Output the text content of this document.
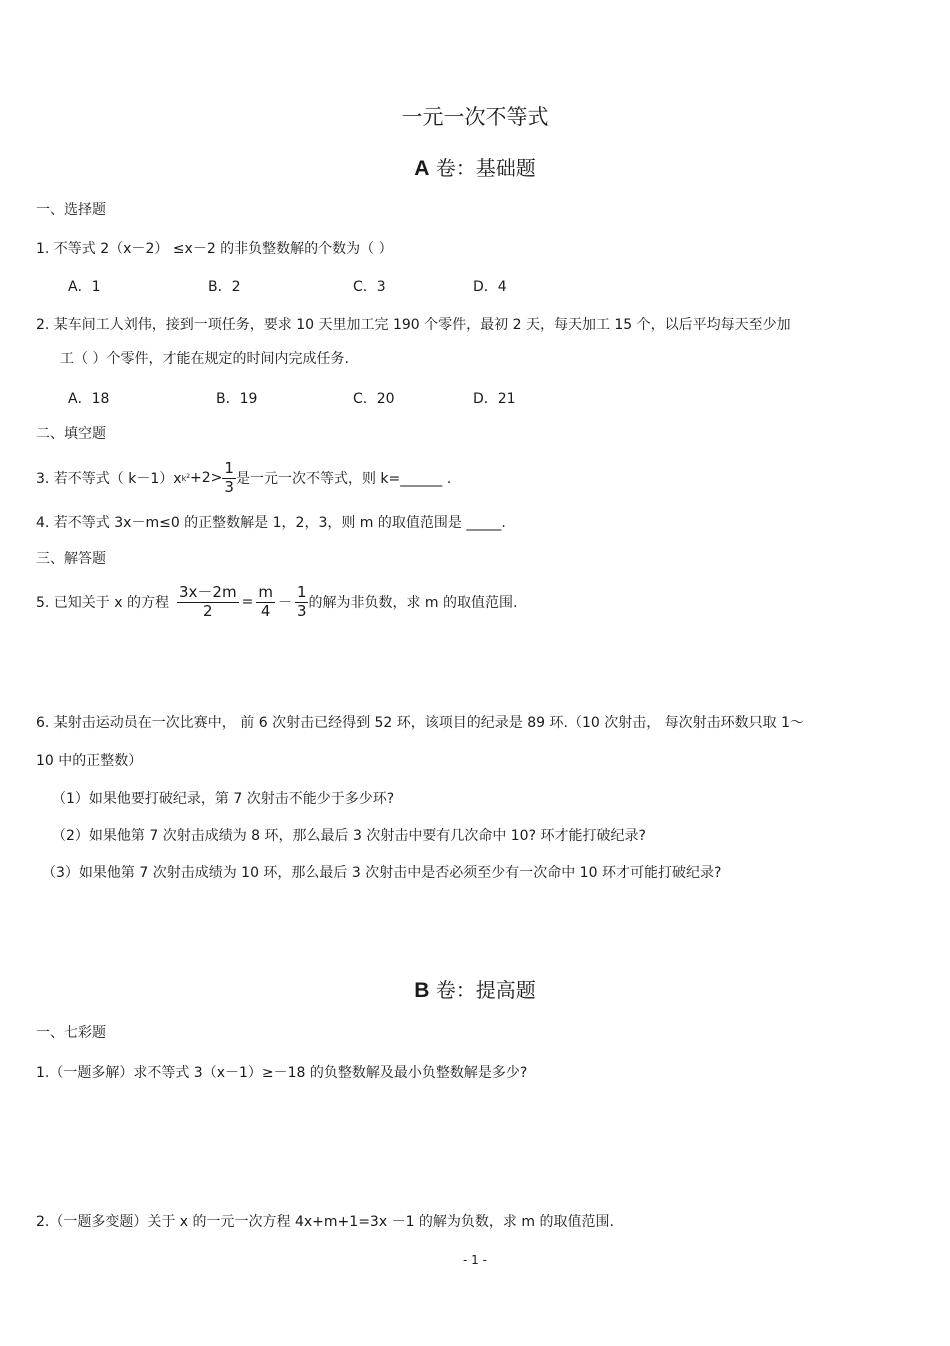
一元一次不等式
A 卷：基础题
一、选择题
1. 不等式 2（x－2） ≤x－2 的非负整数解的个数为（ ）
A．1	B．2	C．3	D．4
2. 某车间工人刘伟，接到一项任务，要求 10 天里加工完 190 个零件，最初 2 天，每天加工 15 个，以后平均每天至少加
工（ ）个零件，才能在规定的时间内完成任务.
A．18	B．19	C．20	D．21
二、填空题
3. 若不等式（ k－1）x $k^2 +2> \frac{1}{3}$ 是一元一次不等式，则 k=______ .
4. 若不等式 3x－m≤0 的正整数解是 1，2，3，则 m 的取值范围是 _____.
三、解答题
5. 已知关于 x 的方程 $\frac{3x-2m}{2} = \frac{m}{4} - \frac{1}{3}$ 的解为非负数，求 m 的取值范围.
6. 某射击运动员在一次比赛中， 前 6 次射击已经得到 52 环，该项目的纪录是 89 环.（10 次射击， 每次射击环数只取 1～
10 中的正整数）
（1）如果他要打破纪录，第 7 次射击不能少于多少环?
（2）如果他第 7 次射击成绩为 8 环，那么最后 3 次射击中要有几次命中 10? 环才能打破纪录?
（3）如果他第 7 次射击成绩为 10 环，那么最后 3 次射击中是否必须至少有一次命中 10 环才可能打破纪录?
B 卷：提高题
一、七彩题
1.（一题多解）求不等式 3（x－1）≥－18 的负整数解及最小负整数解是多少?
2.（一题多变题）关于 x 的一元一次方程 4x+m+1=3x －1 的解为负数，求 m 的取值范围.
- 1 -
